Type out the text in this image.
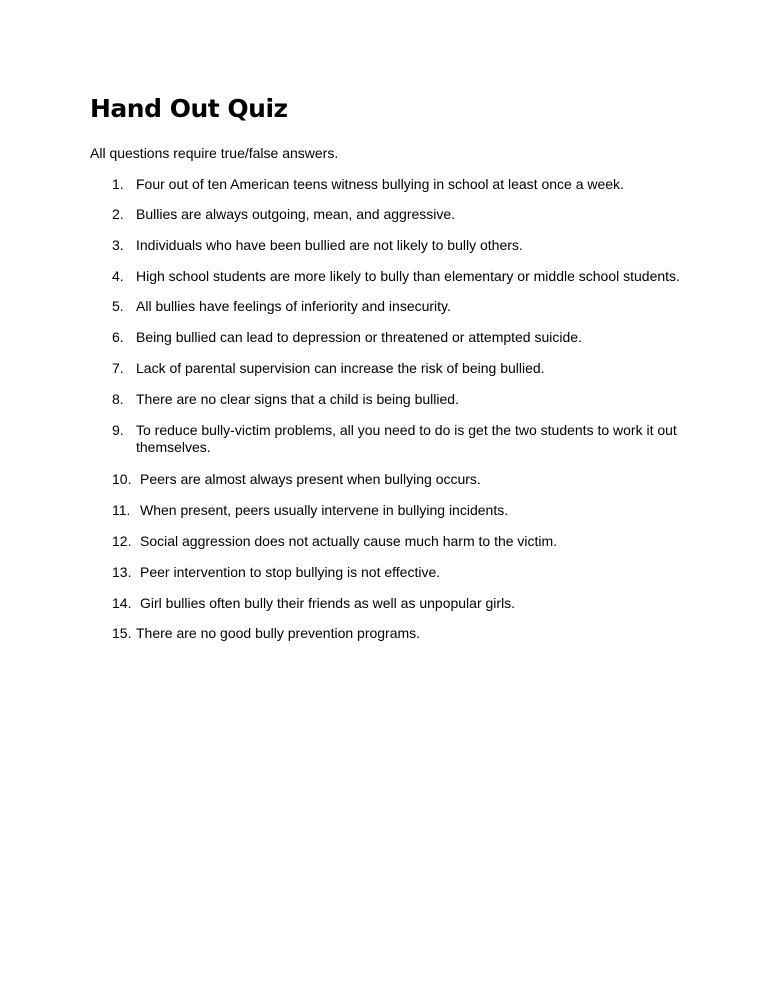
Hand Out Quiz

All questions require true/false answers.

1. Four out of ten American teens witness bullying in school at least once a week.
2. Bullies are always outgoing, mean, and aggressive.
3. Individuals who have been bullied are not likely to bully others.
4. High school students are more likely to bully than elementary or middle school students.
5. All bullies have feelings of inferiority and insecurity.
6. Being bullied can lead to depression or threatened or attempted suicide.
7. Lack of parental supervision can increase the risk of being bullied.
8. There are no clear signs that a child is being bullied.
9. To reduce bully-victim problems, all you need to do is get the two students to work it out themselves.
10. Peers are almost always present when bullying occurs.
11. When present, peers usually intervene in bullying incidents.
12. Social aggression does not actually cause much harm to the victim.
13. Peer intervention to stop bullying is not effective.
14. Girl bullies often bully their friends as well as unpopular girls.
15. There are no good bully prevention programs.
